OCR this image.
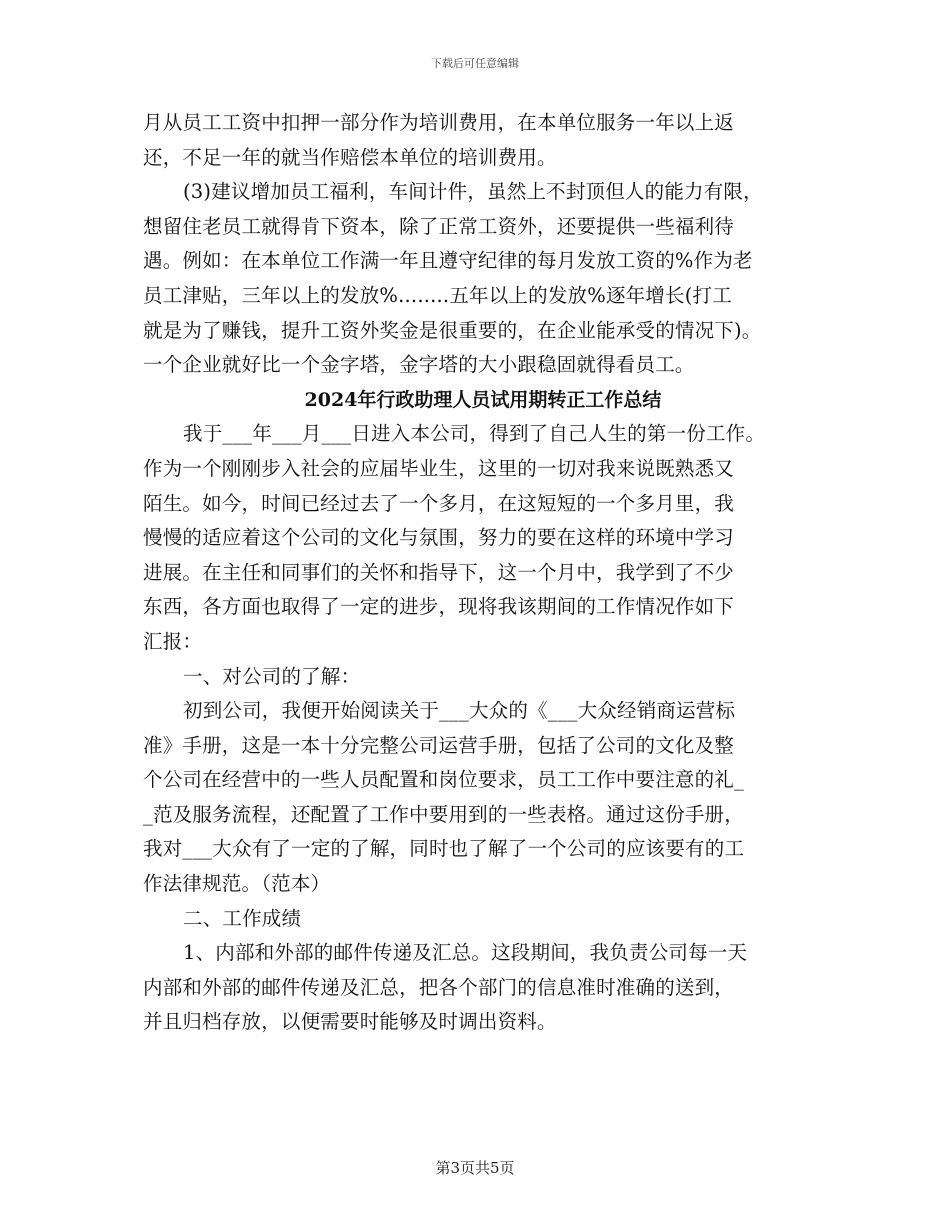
下载后可任意编辑
月从员工工资中扣押一部分作为培训费用，在本单位服务一年以上返
还，不足一年的就当作赔偿本单位的培训费用。
(3)建议增加员工福利，车间计件，虽然上不封顶但人的能力有限，
想留住老员工就得肯下资本，除了正常工资外，还要提供一些福利待
遇。例如：在本单位工作满一年且遵守纪律的每月发放工资的%作为老
员工津贴，三年以上的发放%........五年以上的发放%逐年增长(打工
就是为了赚钱，提升工资外奖金是很重要的，在企业能承受的情况下)。
一个企业就好比一个金字塔，金字塔的大小跟稳固就得看员工。
2024年行政助理人员试用期转正工作总结
我于___年___月___日进入本公司，得到了自己人生的第一份工作。
作为一个刚刚步入社会的应届毕业生，这里的一切对我来说既熟悉又
陌生。如今，时间已经过去了一个多月，在这短短的一个多月里，我
慢慢的适应着这个公司的文化与氛围，努力的要在这样的环境中学习
进展。在主任和同事们的关怀和指导下，这一个月中，我学到了不少
东西，各方面也取得了一定的进步，现将我该期间的工作情况作如下
汇报：
一、对公司的了解：
初到公司，我便开始阅读关于___大众的《___大众经销商运营标
准》手册，这是一本十分完整公司运营手册，包括了公司的文化及整
个公司在经营中的一些人员配置和岗位要求，员工工作中要注意的礼_
_范及服务流程，还配置了工作中要用到的一些表格。通过这份手册，
我对___大众有了一定的了解，同时也了解了一个公司的应该要有的工
作法律规范。（范本）
二、工作成绩
1、内部和外部的邮件传递及汇总。这段期间，我负责公司每一天
内部和外部的邮件传递及汇总，把各个部门的信息准时准确的送到，
并且归档存放，以便需要时能够及时调出资料。
第3页共5页
